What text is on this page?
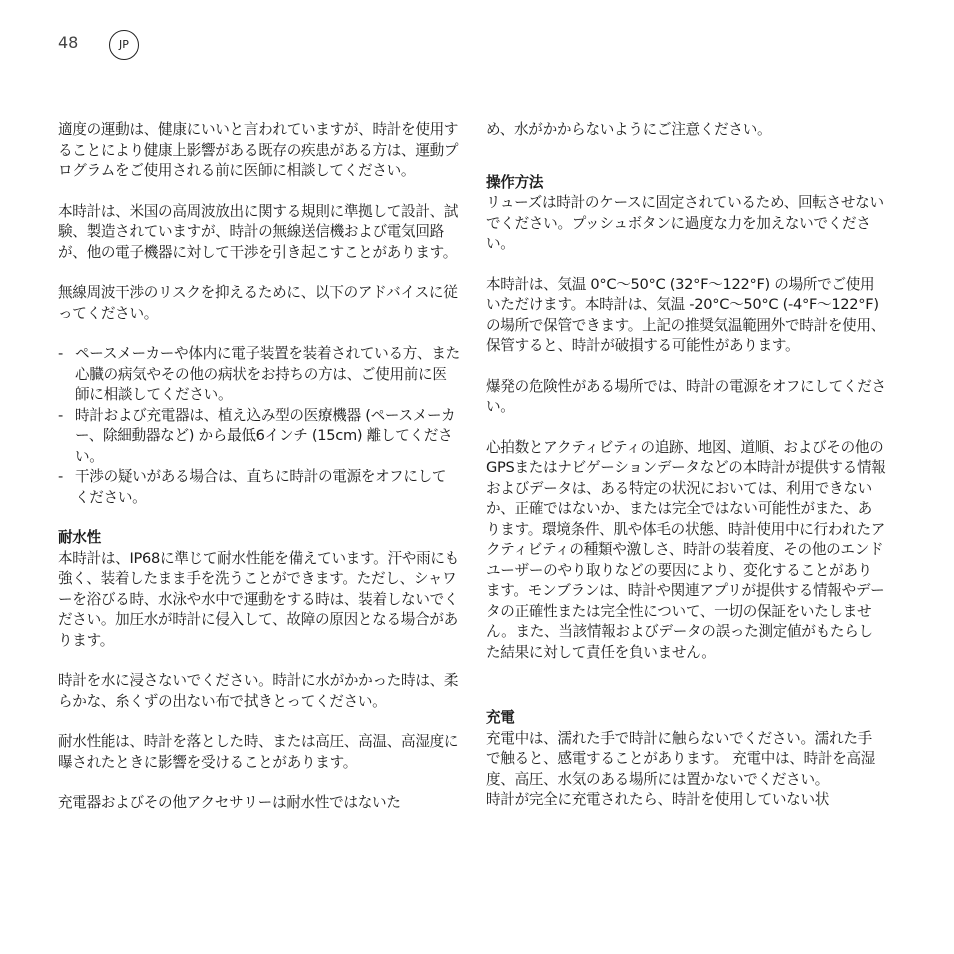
48	JP

適度の運動は、健康にいいと言われていますが、時計を使用することにより健康上影響がある既存の疾患がある方は、運動プログラムをご使用される前に医師に相談してください。

本時計は、米国の高周波放出に関する規則に準拠して設計、試験、製造されていますが、時計の無線送信機および電気回路が、他の電子機器に対して干渉を引き起こすことがあります。

無線周波干渉のリスクを抑えるために、以下のアドバイスに従ってください。

- ペースメーカーや体内に電子装置を装着されている方、また心臓の病気やその他の病状をお持ちの方は、ご使用前に医師に相談してください。
- 時計および充電器は、植え込み型の医療機器 (ペースメーカー、除細動器など) から最低6インチ (15cm) 離してください。
- 干渉の疑いがある場合は、直ちに時計の電源をオフにしてください。
耐水性

本時計は、IP68に準じて耐水性能を備えています。汗や雨にも強く、装着したまま手を洗うことができます。ただし、シャワーを浴びる時、水泳や水中で運動をする時は、装着しないでください。加圧水が時計に侵入して、故障の原因となる場合があります。

時計を水に浸さないでください。時計に水がかかった時は、柔らかな、糸くずの出ない布で拭きとってください。

耐水性能は、時計を落とした時、または高圧、高温、高湿度に曝されたときに影響を受けることがあります。

充電器およびその他アクセサリーは耐水性ではないた

め、水がかからないようにご注意ください。

操作方法

リューズは時計のケースに固定されているため、回転させないでください。プッシュボタンに過度な力を加えないでください。

本時計は、気温 0°C〜50°C (32°F〜122°F) の場所でご使用いただけます。本時計は、気温 -20°C〜50°C (-4°F〜122°F) の場所で保管できます。上記の推奨気温範囲外で時計を使用、保管すると、時計が破損する可能性があります。

爆発の危険性がある場所では、時計の電源をオフにしてください。

心拍数とアクティビティの追跡、地図、道順、およびその他のGPSまたはナビゲーションデータなどの本時計が提供する情報およびデータは、ある特定の状況においては、利用できないか、正確ではないか、または完全ではない可能性がまた、あります。環境条件、肌や体毛の状態、時計使用中に行われたアクティビティの種類や激しさ、時計の装着度、その他のエンドユーザーのやり取りなどの要因により、変化することがあります。モンブランは、時計や関連アプリが提供する情報やデータの正確性または完全性について、一切の保証をいたしません。また、当該情報およびデータの誤った測定値がもたらした結果に対して責任を負いません。

充電

充電中は、濡れた手で時計に触らないでください。濡れた手で触ると、感電することがあります。 充電中は、時計を高湿度、高圧、水気のある場所には置かないでください。

時計が完全に充電されたら、時計を使用していない状
